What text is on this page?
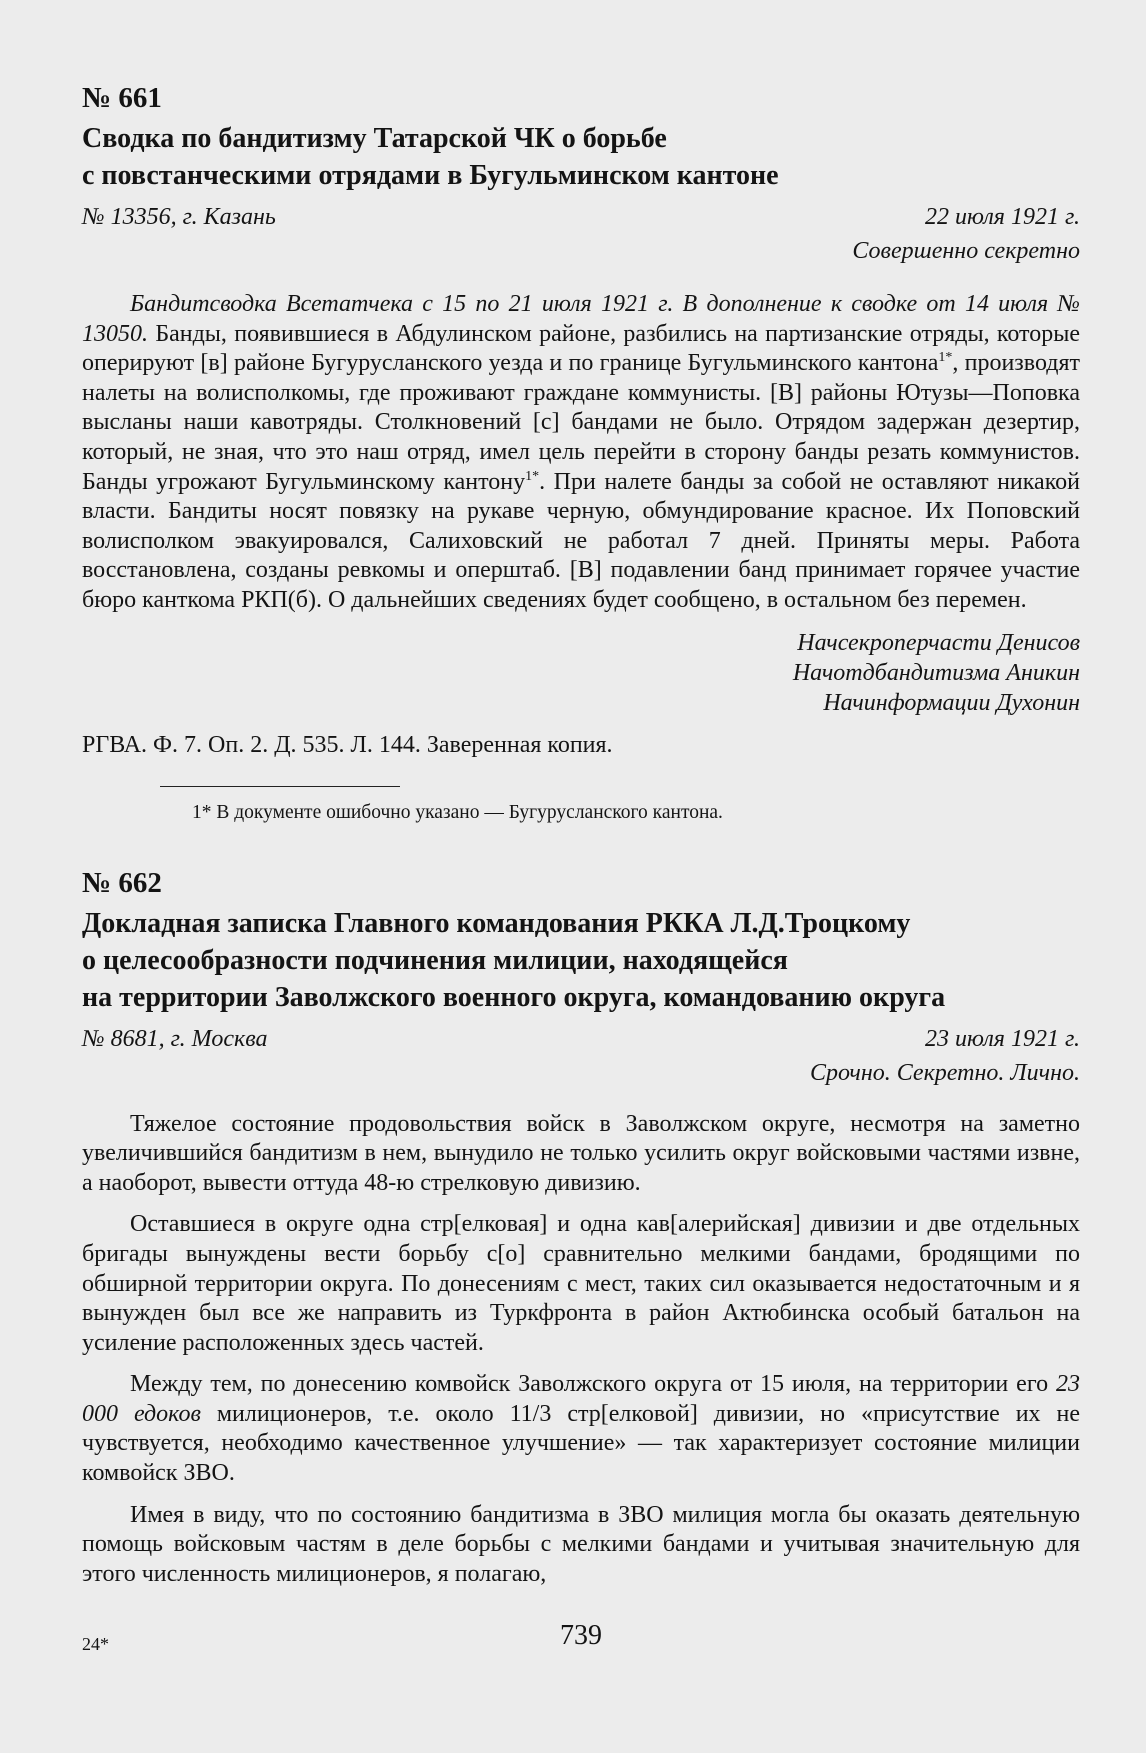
№ 661
Сводка по бандитизму Татарской ЧК о борьбе
с повстанческими отрядами в Бугульминском кантоне
№ 13356, г. Казань	22 июля 1921 г.
Совершенно секретно

Бандитсводка Всетатчека с 15 по 21 июля 1921 г. В дополнение к сводке от 14 июля № 13050. Банды, появившиеся в Абдулинском районе, разбились на партизанские отряды, которые оперируют [в] районе Бугурусланского уезда и по границе Бугульминского кантона$^{1*}$, производят налеты на волисполкомы, где проживают граждане коммунисты. [В] районы Ютузы—Поповка высланы наши кавотряды. Столкновений [с] бандами не было. Отрядом задержан дезертир, который, не зная, что это наш отряд, имел цель перейти в сторону банды резать коммунистов. Банды угрожают Бугульминскому кантону$^{1*}$. При налете банды за собой не оставляют никакой власти. Бандиты носят повязку на рукаве черную, обмундирование красное. Их Поповский волисполком эвакуировался, Салиховский не работал 7 дней. Приняты меры. Работа восстановлена, созданы ревкомы и оперштаб. [В] подавлении банд принимает горячее участие бюро канткома РКП(б). О дальнейших сведениях будет сообщено, в остальном без перемен.

Начсекроперчасти Денисов
Начотдбандитизма Аникин
Начинформации Духонин
РГВА. Ф. 7. Оп. 2. Д. 535. Л. 144. Заверенная копия.
1* В документе ошибочно указано — Бугурусланского кантона.
№ 662
Докладная записка Главного командования РККА Л.Д.Троцкому
о целесообразности подчинения милиции, находящейся
на территории Заволжского военного округа, командованию округа
№ 8681, г. Москва	23 июля 1921 г.
Срочно. Секретно. Лично.

Тяжелое состояние продовольствия войск в Заволжском округе, несмотря на заметно увеличившийся бандитизм в нем, вынудило не только усилить округ войсковыми частями извне, а наоборот, вывести оттуда 48-ю стрелковую дивизию.

Оставшиеся в округе одна стр[елковая] и одна кав[алерийская] дивизии и две отдельных бригады вынуждены вести борьбу с[о] сравнительно мелкими бандами, бродящими по обширной территории округа. По донесениям с мест, таких сил оказывается недостаточным и я вынужден был все же направить из Туркфронта в район Актюбинска особый батальон на усиление расположенных здесь частей.

Между тем, по донесению комвойск Заволжского округа от 15 июля, на территории его 23 000 едоков милиционеров, т.е. около 11/3 стр[елковой] дивизии, но «присутствие их не чувствуется, необходимо качественное улучшение» — так характеризует состояние милиции комвойск ЗВО.

Имея в виду, что по состоянию бандитизма в ЗВО милиция могла бы оказать деятельную помощь войсковым частям в деле борьбы с мелкими бандами и учитывая значительную для этого численность милиционеров, я полагаю,

24*	739
